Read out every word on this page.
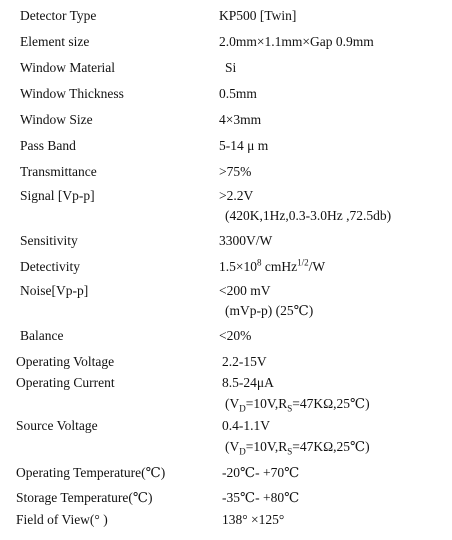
Detector Type	KP500 [Twin]
Element size	2.0mm×1.1mm×Gap 0.9mm
Window Material	Si
Window Thickness	0.5mm
Window Size	4×3mm
Pass Band	5-14 μ m
Transmittance	>75%
Signal [Vp-p]	>2.2V
(420K,1Hz,0.3-3.0Hz ,72.5db)
Sensitivity	3300V/W
Detectivity	$1.5\times 10^8$ cmHz$^{1/2}$/W
Noise[Vp-p]	<200 mV
(mVp-p) (25℃)
Balance	<20%
Operating Voltage	2.2-15V
Operating Current	8.5-24μA
$(V_D=10V,R_S=47K\Omega,25℃)$
Source Voltage	0.4-1.1V
$(V_D=10V,R_S=47K\Omega,25℃)$
Operating Temperature(℃)	-20℃- +70℃
Storage Temperature(℃)	-35℃- +80℃
Field of View(° )	138° ×125°
